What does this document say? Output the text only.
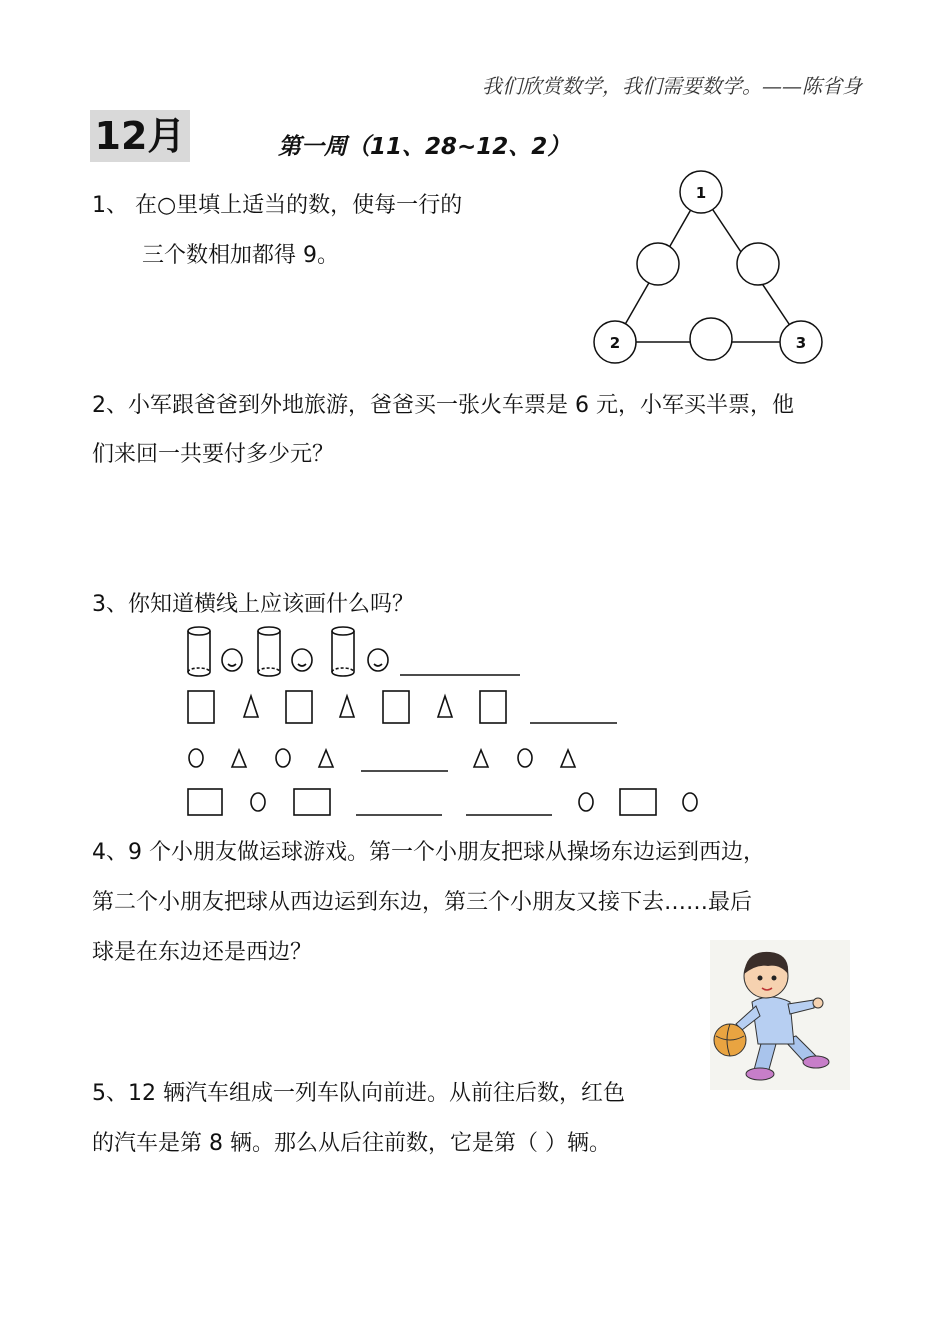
我们欣赏数学，我们需要数学。——陈省身
12月	第一周（11、28~12、2）
1、 在○里填上适当的数，使每一行的
三个数相加都得 9。
1
2	3
2、小军跟爸爸到外地旅游，爸爸买一张火车票是 6 元，小军买半票，他
们来回一共要付多少元？
3、你知道横线上应该画什么吗？
4、9 个小朋友做运球游戏。第一个小朋友把球从操场东边运到西边，
第二个小朋友把球从西边运到东边，第三个小朋友又接下去……最后
球是在东边还是西边？
5、12 辆汽车组成一列车队向前进。从前往后数，红色
的汽车是第 8 辆。那么从后往前数，它是第（ ）辆。
